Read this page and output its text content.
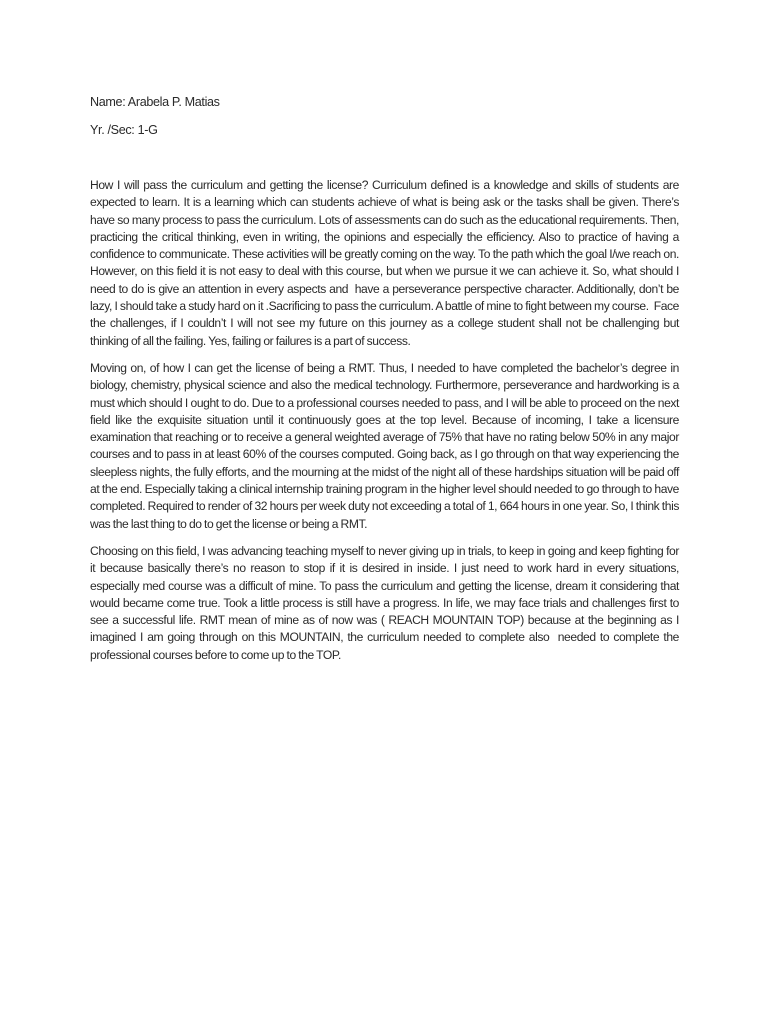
Name: Arabela P. Matias
Yr. /Sec: 1-G

How I will pass the curriculum and getting the license? Curriculum defined is a knowledge and skills of students are expected to learn. It is a learning which can students achieve of what is being ask or the tasks shall be given. There’s have so many process to pass the curriculum. Lots of assessments can do such as the educational requirements. Then, practicing the critical thinking, even in writing, the opinions and especially the efficiency. Also to practice of having a confidence to communicate. These activities will be greatly coming on the way. To the path which the goal I/we reach on. However, on this field it is not easy to deal with this course, but when we pursue it we can achieve it. So, what should I need to do is give an attention in every aspects and  have a perseverance perspective character. Additionally, don’t be lazy, I should take a study hard on it .Sacrificing to pass the curriculum. A battle of mine to fight between my course.  Face the challenges, if I couldn’t I will not see my future on this journey as a college student shall not be challenging but thinking of all the failing. Yes, failing or failures is a part of success.

Moving on, of how I can get the license of being a RMT. Thus, I needed to have completed the bachelor’s degree in biology, chemistry, physical science and also the medical technology. Furthermore, perseverance and hardworking is a must which should I ought to do. Due to a professional courses needed to pass, and I will be able to proceed on the next field like the exquisite situation until it continuously goes at the top level. Because of incoming, I take a licensure examination that reaching or to receive a general weighted average of 75% that have no rating below 50% in any major courses and to pass in at least 60% of the courses computed. Going back, as I go through on that way experiencing the sleepless nights, the fully efforts, and the mourning at the midst of the night all of these hardships situation will be paid off at the end. Especially taking a clinical internship training program in the higher level should needed to go through to have completed. Required to render of 32 hours per week duty not exceeding a total of 1, 664 hours in one year. So, I think this was the last thing to do to get the license or being a RMT.

Choosing on this field, I was advancing teaching myself to never giving up in trials, to keep in going and keep fighting for it because basically there’s no reason to stop if it is desired in inside. I just need to work hard in every situations, especially med course was a difficult of mine. To pass the curriculum and getting the license, dream it considering that would became come true. Took a little process is still have a progress. In life, we may face trials and challenges first to see a successful life. RMT mean of mine as of now was ( REACH MOUNTAIN TOP) because at the beginning as I imagined I am going through on this MOUNTAIN, the curriculum needed to complete also  needed to complete the professional courses before to come up to the TOP.
